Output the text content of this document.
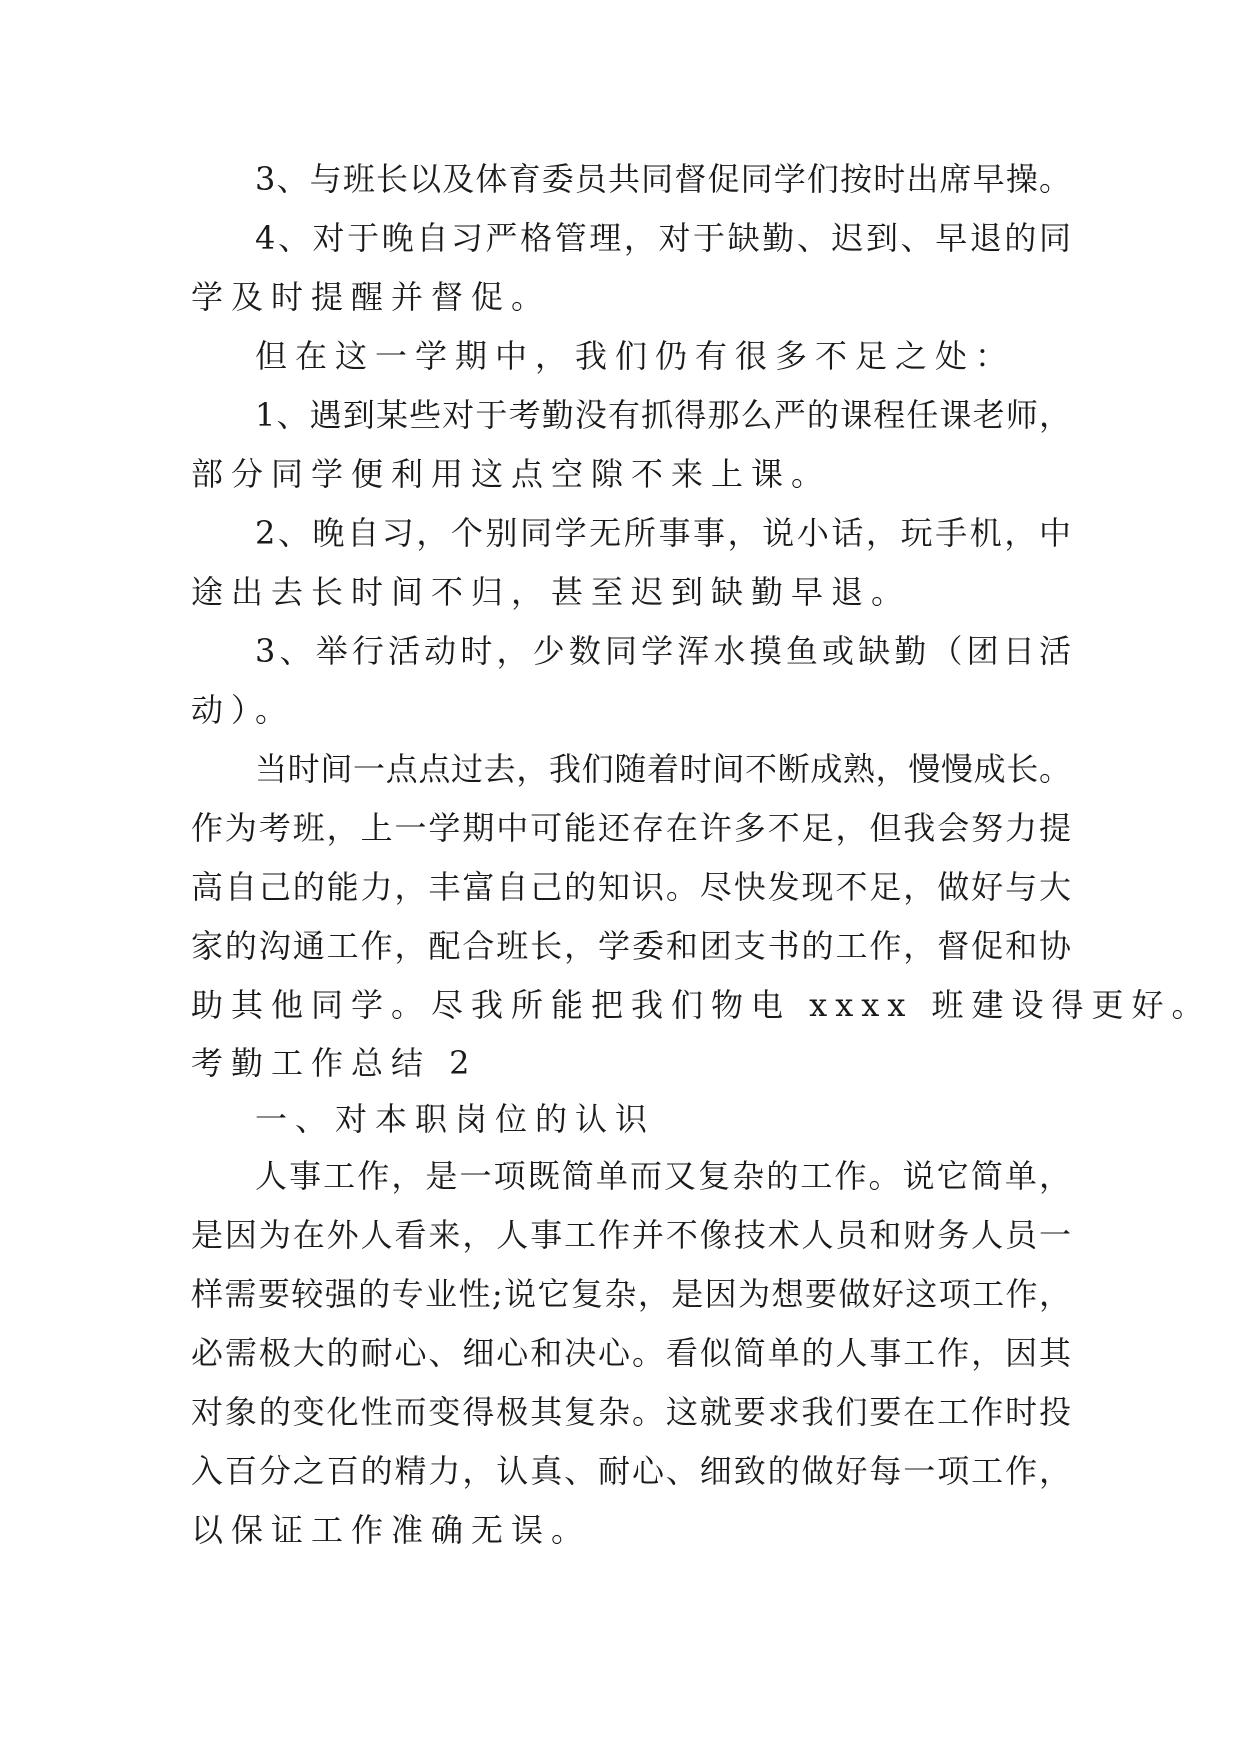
3、与班长以及体育委员共同督促同学们按时出席早操。
4、对于晚自习严格管理，对于缺勤、迟到、早退的同
学及时提醒并督促。
但在这一学期中，我们仍有很多不足之处：
1、遇到某些对于考勤没有抓得那么严的课程任课老师，
部分同学便利用这点空隙不来上课。
2、晚自习，个别同学无所事事，说小话，玩手机，中
途出去长时间不归，甚至迟到缺勤早退。
3、举行活动时，少数同学浑水摸鱼或缺勤（团日活
动）。
当时间一点点过去，我们随着时间不断成熟，慢慢成长。
作为考班，上一学期中可能还存在许多不足，但我会努力提
高自己的能力，丰富自己的知识。尽快发现不足，做好与大
家的沟通工作，配合班长，学委和团支书的工作，督促和协
助其他同学。尽我所能把我们物电 xxxx 班建设得更好。
考勤工作总结 2
一、对本职岗位的认识
人事工作，是一项既简单而又复杂的工作。说它简单，
是因为在外人看来，人事工作并不像技术人员和财务人员一
样需要较强的专业性;说它复杂，是因为想要做好这项工作，
必需极大的耐心、细心和决心。看似简单的人事工作，因其
对象的变化性而变得极其复杂。这就要求我们要在工作时投
入百分之百的精力，认真、耐心、细致的做好每一项工作，
以保证工作准确无误。
